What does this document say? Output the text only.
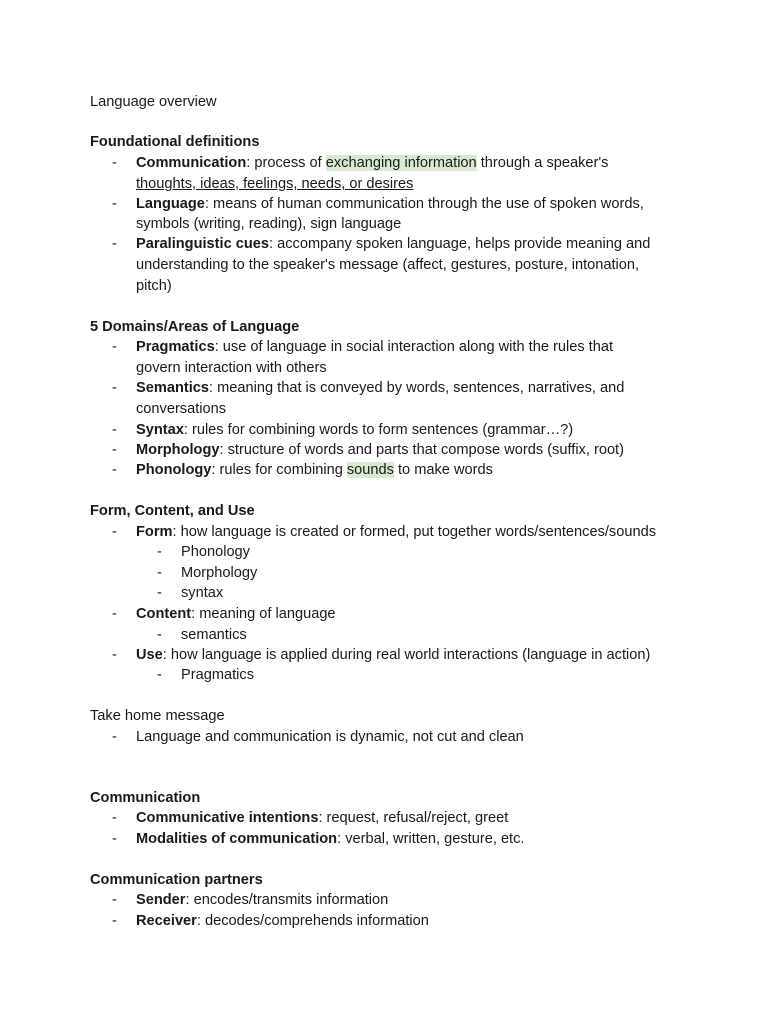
Language overview
Foundational definitions
- Communication: process of exchanging information through a speaker's
thoughts, ideas, feelings, needs, or desires
- Language: means of human communication through the use of spoken words,
symbols (writing, reading), sign language
- Paralinguistic cues: accompany spoken language, helps provide meaning and
understanding to the speaker's message (affect, gestures, posture, intonation,
pitch)
5 Domains/Areas of Language
- Pragmatics: use of language in social interaction along with the rules that
govern interaction with others
- Semantics: meaning that is conveyed by words, sentences, narratives, and
conversations
- Syntax: rules for combining words to form sentences (grammar…?)
- Morphology: structure of words and parts that compose words (suffix, root)
- Phonology: rules for combining sounds to make words
Form, Content, and Use
- Form: how language is created or formed, put together words/sentences/sounds
- Phonology
- Morphology
- syntax
- Content: meaning of language
- semantics
- Use: how language is applied during real world interactions (language in action)
- Pragmatics
Take home message
- Language and communication is dynamic, not cut and clean
Communication
- Communicative intentions: request, refusal/reject, greet
- Modalities of communication: verbal, written, gesture, etc.
Communication partners
- Sender: encodes/transmits information
- Receiver: decodes/comprehends information
